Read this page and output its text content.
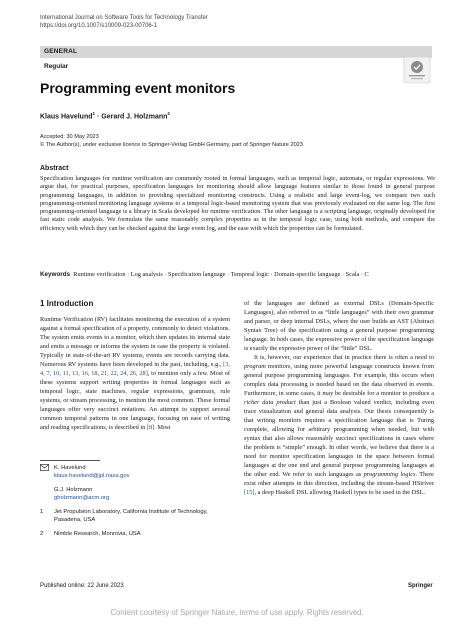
International Journal on Software Tools for Technology Transfer
https://doi.org/10.1007/s10009-023-00706-1
GENERAL
Regular
Programming event monitors
Klaus Havelund$^1$ · Gerard J. Holzmann$^2$
Accepted: 30 May 2023
© The Author(s), under exclusive licence to Springer-Verlag GmbH Germany, part of Springer Nature 2023
Abstract
Specification languages for runtime verification are commonly rooted in formal languages, such as temporal logic, automata, or regular expressions. We argue that, for practical purposes, specification languages for monitoring should allow language features similar to those found in general purpose programming languages, in addition to providing specialized monitoring constructs. Using a realistic and large event-log, we compare two such programming-oriented monitoring language systems to a temporal logic-based monitoring system that was previously evaluated on the same log. The first programming-oriented language is a library in Scala developed for runtime verification. The other language is a scripting language, originally developed for fast static code analysis. We formulate the same reasonably complex properties as in the temporal logic case, using both methods, and compare the efficiency with which they can be checked against the large event log, and the ease with which the properties can be formulated.
Keywords Runtime verification · Log analysis · Specification language · Temporal logic · Domain-specific language · Scala · C
1 Introduction

Runtime Verification (RV) facilitates monitoring the execution of a system against a formal specification of a property, commonly to detect violations. The system emits events to a monitor, which then updates its internal state and emits a message or informs the system in case the property is violated. Typically in state-of-the-art RV systems, events are records carrying data. Numerous RV systems have been developed in the past, including, e.g., [3, 4, 7, 10, 11, 13, 16, 18, 21, 22, 24, 26, 28], to mention only a few. Most of these systems support writing properties in formal languages such as temporal logic, state machines, regular expressions, grammars, rule systems, or stream processing, to mention the most common. These formal languages offer very succinct notations. An attempt to support several common temporal patterns in one language, focusing on ease of writing and reading specifications, is described in [8]. Most

of the languages are defined as external DSLs (Domain-Specific Languages), also referred to as “little languages” with their own grammar and parser, or deep internal DSLs, where the user builds an AST (Abstract Syntax Tree) of the specification using a general purpose programming language. In both cases, the expressive power of the specification language is exactly the expressive power of the “little” DSL.

It is, however, our experience that in practice there is often a need to program monitors, using more powerful language constructs known from general purpose programming languages. For example, this occurs when complex data processing is needed based on the data observed in events. Furthermore, in some cases, it may be desirable for a monitor to produce a richer data product than just a Boolean valued verdict, including even trace visualization and general data analysis. Our thesis consequently is that writing monitors requires a specification language that is Turing complete, allowing for arbitrary programming when needed, but with syntax that also allows reasonably succinct specifications in cases where the problem is “simple” enough. In other words, we believe that there is a need for monitor specification languages in the space between formal languages at the one end and general purpose programming languages at the other end. We refer to such languages as programming logics. There exist other attempts in this direction, including the stream-based HStriver [15], a deep Haskell DSL allowing Haskell types to be used in the DSL.

K. Havelund
klaus.havelund@jpl.nasa.gov
G.J. Holzmann
gholzmann@acm.org
1	Jet Propulsion Laboratory, California Institute of Technology, Pasadena, USA
2	Nimble Research, Monrovia, USA
Published online: 22 June 2023	Springer
Content courtesy of Springer Nature, terms of use apply. Rights reserved.
